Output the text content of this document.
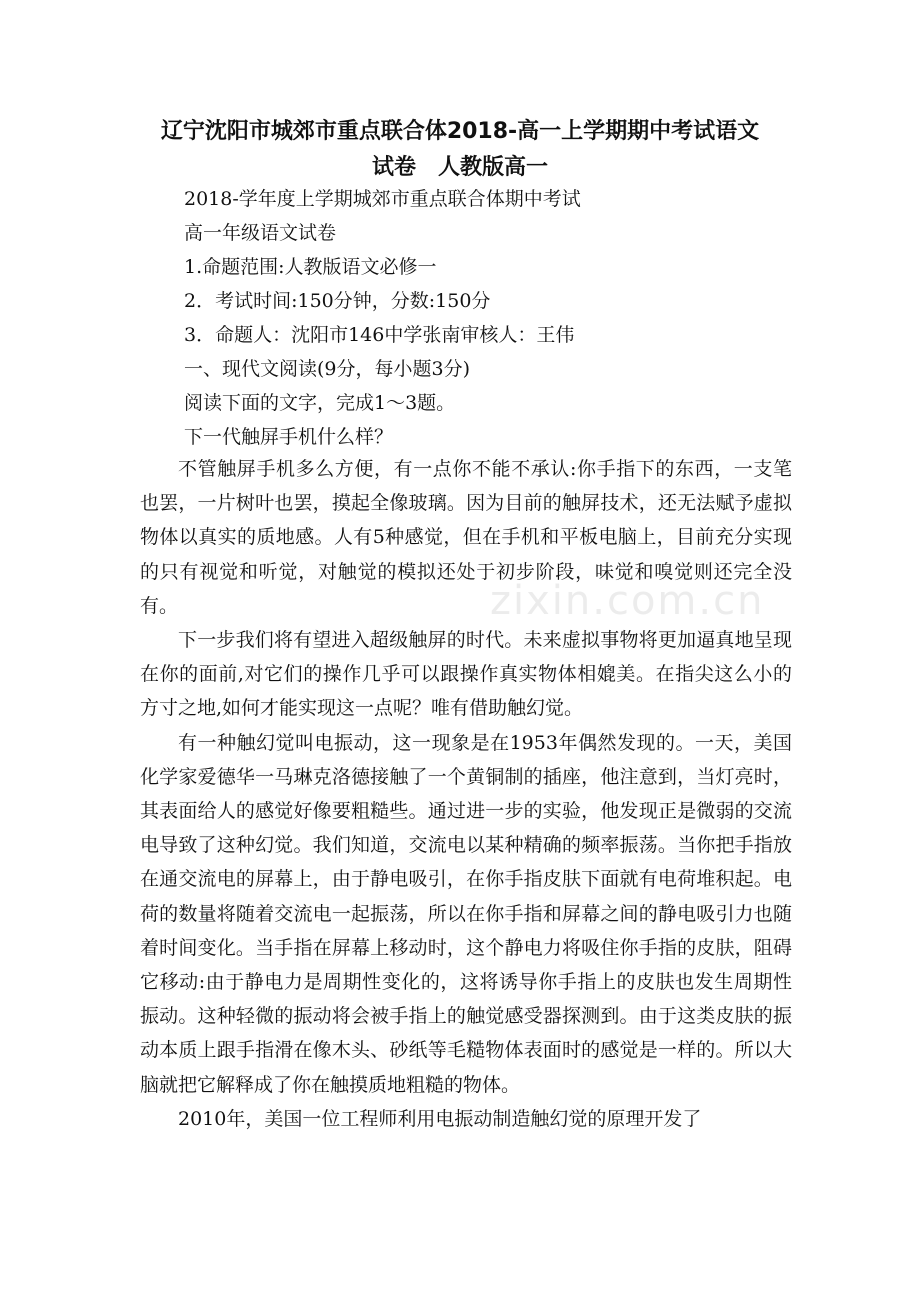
辽宁沈阳市城郊市重点联合体2018-高一上学期期中考试语文
试卷　人教版高一
2018-学年度上学期城郊市重点联合体期中考试
高一年级语文试卷
1.命题范围:人教版语文必修一
2．考试时间:150分钟，分数:150分
3．命题人：沈阳市146中学张南审核人：王伟
一、现代文阅读(9分，每小题3分)
阅读下面的文字，完成1～3题。
下一代触屏手机什么样？

不管触屏手机多么方便，有一点你不能不承认:你手指下的东西，一支笔也罢，一片树叶也罢，摸起全像玻璃。因为目前的触屏技术，还无法赋予虚拟物体以真实的质地感。人有5种感觉，但在手机和平板电脑上，目前充分实现的只有视觉和听觉，对触觉的模拟还处于初步阶段，味觉和嗅觉则还完全没有。

下一步我们将有望进入超级触屏的时代。未来虚拟事物将更加逼真地呈现在你的面前,对它们的操作几乎可以跟操作真实物体相媲美。在指尖这么小的方寸之地,如何才能实现这一点呢？唯有借助触幻觉。

有一种触幻觉叫电振动，这一现象是在1953年偶然发现的。一天，美国化学家爱德华一马琳克洛德接触了一个黄铜制的插座，他注意到，当灯亮时，其表面给人的感觉好像要粗糙些。通过进一步的实验，他发现正是微弱的交流电导致了这种幻觉。我们知道，交流电以某种精确的频率振荡。当你把手指放在通交流电的屏幕上，由于静电吸引，在你手指皮肤下面就有电荷堆积起。电荷的数量将随着交流电一起振荡，所以在你手指和屏幕之间的静电吸引力也随着时间变化。当手指在屏幕上移动时，这个静电力将吸住你手指的皮肤，阻碍它移动:由于静电力是周期性变化的，这将诱导你手指上的皮肤也发生周期性振动。这种轻微的振动将会被手指上的触觉感受器探测到。由于这类皮肤的振动本质上跟手指滑在像木头、砂纸等毛糙物体表面时的感觉是一样的。所以大脑就把它解释成了你在触摸质地粗糙的物体。

2010年，美国一位工程师利用电振动制造触幻觉的原理开发了

zixin.com.cn
